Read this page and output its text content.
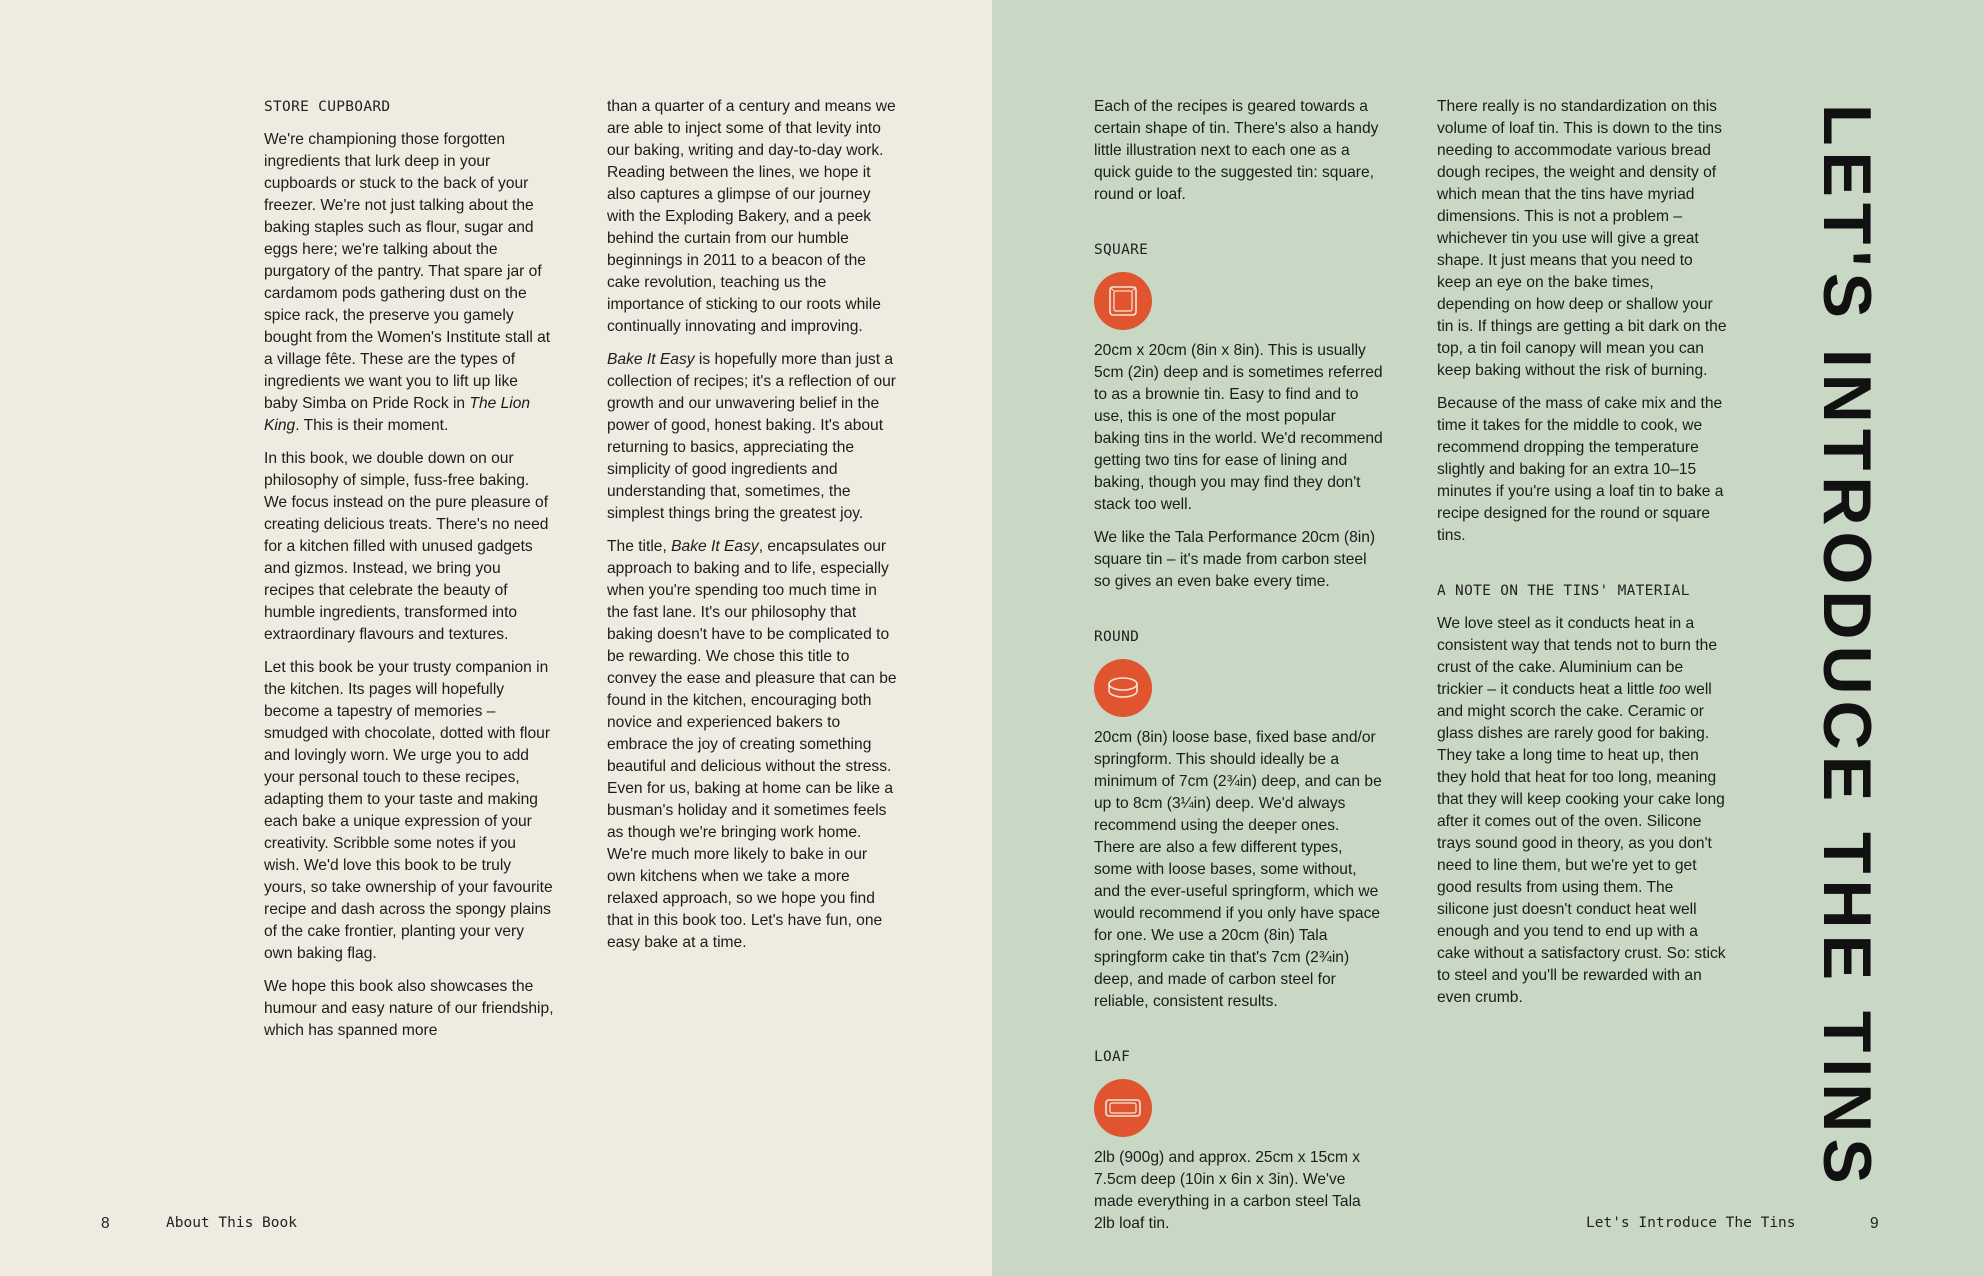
STORE CUPBOARD

We're championing those forgotten ingredients that lurk deep in your cupboards or stuck to the back of your freezer. We're not just talking about the baking staples such as flour, sugar and eggs here; we're talking about the purgatory of the pantry. That spare jar of cardamom pods gathering dust on the spice rack, the preserve you gamely bought from the Women's Institute stall at a village fête. These are the types of ingredients we want you to lift up like baby Simba on Pride Rock in The Lion King. This is their moment.

In this book, we double down on our philosophy of simple, fuss-free baking. We focus instead on the pure pleasure of creating delicious treats. There's no need for a kitchen filled with unused gadgets and gizmos. Instead, we bring you recipes that celebrate the beauty of humble ingredients, transformed into extraordinary flavours and textures.

Let this book be your trusty companion in the kitchen. Its pages will hopefully become a tapestry of memories – smudged with chocolate, dotted with flour and lovingly worn. We urge you to add your personal touch to these recipes, adapting them to your taste and making each bake a unique expression of your creativity. Scribble some notes if you wish. We'd love this book to be truly yours, so take ownership of your favourite recipe and dash across the spongy plains of the cake frontier, planting your very own baking flag.

We hope this book also showcases the humour and easy nature of our friendship, which has spanned more

than a quarter of a century and means we are able to inject some of that levity into our baking, writing and day-to-day work. Reading between the lines, we hope it also captures a glimpse of our journey with the Exploding Bakery, and a peek behind the curtain from our humble beginnings in 2011 to a beacon of the cake revolution, teaching us the importance of sticking to our roots while continually innovating and improving.

Bake It Easy is hopefully more than just a collection of recipes; it's a reflection of our growth and our unwavering belief in the power of good, honest baking. It's about returning to basics, appreciating the simplicity of good ingredients and understanding that, sometimes, the simplest things bring the greatest joy.

The title, Bake It Easy, encapsulates our approach to baking and to life, especially when you're spending too much time in the fast lane. It's our philosophy that baking doesn't have to be complicated to be rewarding. We chose this title to convey the ease and pleasure that can be found in the kitchen, encouraging both novice and experienced bakers to embrace the joy of creating something beautiful and delicious without the stress. Even for us, baking at home can be like a busman's holiday and it sometimes feels as though we're bringing work home. We're much more likely to bake in our own kitchens when we take a more relaxed approach, so we hope you find that in this book too. Let's have fun, one easy bake at a time.

8	About This Book

Each of the recipes is geared towards a certain shape of tin. There's also a handy little illustration next to each one as a quick guide to the suggested tin: square, round or loaf.

SQUARE

20cm x 20cm (8in x 8in). This is usually 5cm (2in) deep and is sometimes referred to as a brownie tin. Easy to find and to use, this is one of the most popular baking tins in the world. We'd recommend getting two tins for ease of lining and baking, though you may find they don't stack too well.

We like the Tala Performance 20cm (8in) square tin – it's made from carbon steel so gives an even bake every time.

ROUND

20cm (8in) loose base, fixed base and/or springform. This should ideally be a minimum of 7cm (2¾in) deep, and can be up to 8cm (3¼in) deep. We'd always recommend using the deeper ones. There are also a few different types, some with loose bases, some without, and the ever-useful springform, which we would recommend if you only have space for one. We use a 20cm (8in) Tala springform cake tin that's 7cm (2¾in) deep, and made of carbon steel for reliable, consistent results.

LOAF

2lb (900g) and approx. 25cm x 15cm x 7.5cm deep (10in x 6in x 3in). We've made everything in a carbon steel Tala 2lb loaf tin.

There really is no standardization on this volume of loaf tin. This is down to the tins needing to accommodate various bread dough recipes, the weight and density of which mean that the tins have myriad dimensions. This is not a problem – whichever tin you use will give a great shape. It just means that you need to keep an eye on the bake times, depending on how deep or shallow your tin is. If things are getting a bit dark on the top, a tin foil canopy will mean you can keep baking without the risk of burning.

Because of the mass of cake mix and the time it takes for the middle to cook, we recommend dropping the temperature slightly and baking for an extra 10–15 minutes if you're using a loaf tin to bake a recipe designed for the round or square tins.

A NOTE ON THE TINS' MATERIAL

We love steel as it conducts heat in a consistent way that tends not to burn the crust of the cake. Aluminium can be trickier – it conducts heat a little too well and might scorch the cake. Ceramic or glass dishes are rarely good for baking. They take a long time to heat up, then they hold that heat for too long, meaning that they will keep cooking your cake long after it comes out of the oven. Silicone trays sound good in theory, as you don't need to line them, but we're yet to get good results from using them. The silicone just doesn't conduct heat well enough and you tend to end up with a cake without a satisfactory crust. So: stick to steel and you'll be rewarded with an even crumb.	LET'S INTRODUCE THE TINS
Let's Introduce The Tins	9
